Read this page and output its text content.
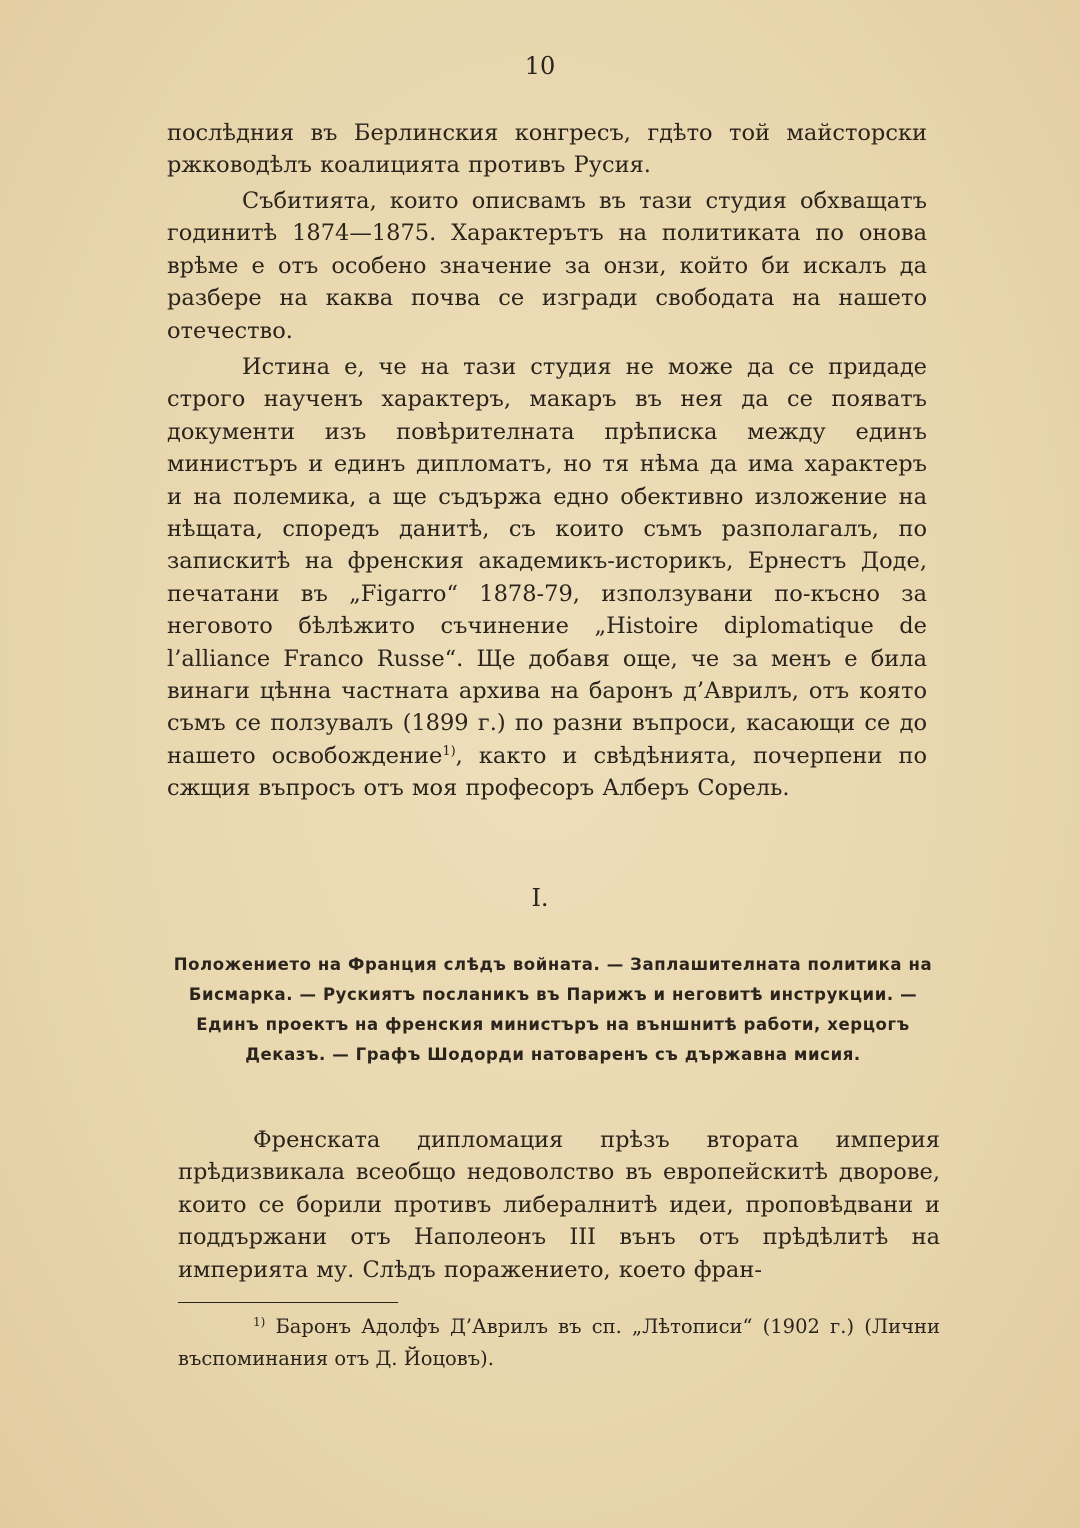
10

послѣдния въ Берлинския конгресъ, гдѣто той майсторски ржководѣлъ коалицията противъ Русия.

Събитията, които описвамъ въ тази студия обхващатъ годинитѣ 1874—1875. Характерътъ на политиката по онова врѣме е отъ особено значение за онзи, който би искалъ да разбере на каква почва се изгради свободата на нашето отечество.

Истина е, че на тази студия не може да се придаде строго наученъ характеръ, макаръ въ нея да се появатъ документи изъ повѣрителната прѣписка между единъ министъръ и единъ дипломатъ, но тя нѣма да има характеръ и на полемика, а ще съдържа едно обективно изложение на нѣщата, споредъ данитѣ, съ които съмъ разполагалъ, по запискитѣ на френския академикъ-историкъ, Ернестъ Доде, печатани въ „Figarro“ 1878-79, използувани по-късно за неговото бѣлѣжито съчинение „Histoire diplomatique de l’alliance Franco Russe“. Ще добавя още, че за менъ е била винаги цѣнна частната архива на баронъ д’Аврилъ, отъ която съмъ се ползувалъ (1899 г.) по разни въпроси, касающи се до нашето освобождение$^{1)}$, както и свѣдѣнията, почерпени по сжщия въпросъ отъ моя професоръ Алберъ Сорель.

I.

Положението на Франция слѣдъ войната. — Заплашителната политика на Бисмарка. — Рускиятъ посланикъ въ Парижъ и неговитѣ инструкции. — Единъ проектъ на френския министъръ на външнитѣ работи, херцогъ Деказъ. — Графъ Шодорди натоваренъ съ държавна мисия.

Френската дипломация прѣзъ втората империя прѣдизвикала всеобщо недоволство въ европейскитѣ дворове, които се борили противъ либералнитѣ идеи, проповѣдвани и поддържани отъ Наполеонъ III вънъ отъ прѣдѣлитѣ на империята му. Слѣдъ поражението, което фран-

$^{1)}$ Баронъ Адолфъ Д’Аврилъ въ сп. „Лѣтописи“ (1902 г.) (Лични въспоминания отъ Д. Йоцовъ).
